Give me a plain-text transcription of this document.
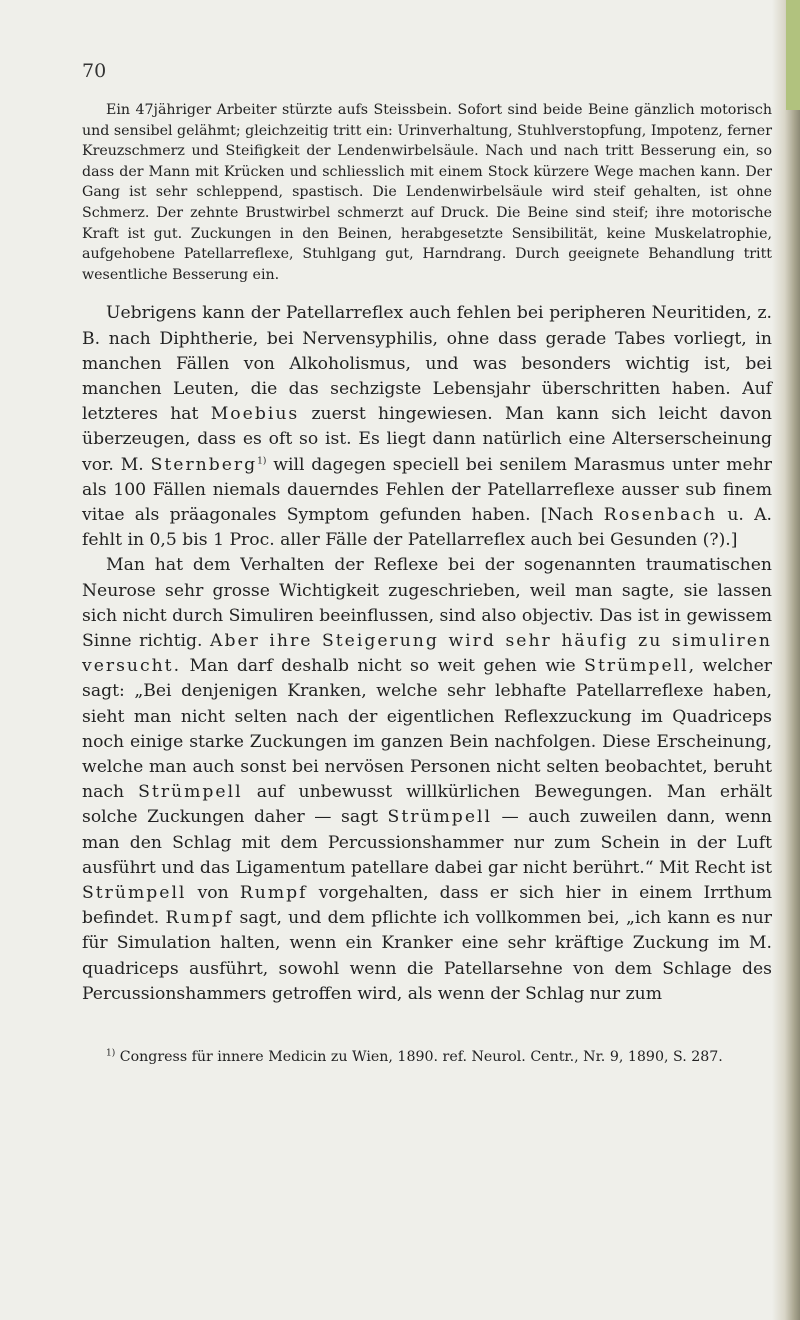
70

Ein 47jähriger Arbeiter stürzte aufs Steissbein. Sofort sind beide Beine gänzlich motorisch und sensibel gelähmt; gleichzeitig tritt ein: Urinverhaltung, Stuhlverstopfung, Impotenz, ferner Kreuzschmerz und Steifigkeit der Lendenwirbelsäule. Nach und nach tritt Besserung ein, so dass der Mann mit Krücken und schliesslich mit einem Stock kürzere Wege machen kann. Der Gang ist sehr schleppend, spastisch. Die Lendenwirbelsäule wird steif gehalten, ist ohne Schmerz. Der zehnte Brustwirbel schmerzt auf Druck. Die Beine sind steif; ihre motorische Kraft ist gut. Zuckungen in den Beinen, herabgesetzte Sensibilität, keine Muskelatrophie, aufgehobene Patellarreflexe, Stuhlgang gut, Harndrang. Durch geeignete Behandlung tritt wesentliche Besserung ein.

Uebrigens kann der Patellarreflex auch fehlen bei peripheren Neuritiden, z. B. nach Diphtherie, bei Nervensyphilis, ohne dass gerade Tabes vorliegt, in manchen Fällen von Alkoholismus, und was besonders wichtig ist, bei manchen Leuten, die das sechzigste Lebensjahr überschritten haben. Auf letzteres hat Moebius zuerst hingewiesen. Man kann sich leicht davon überzeugen, dass es oft so ist. Es liegt dann natürlich eine Alterserscheinung vor. M. Sternberg$^{1)}$ will dagegen speciell bei senilem Marasmus unter mehr als 100 Fällen niemals dauerndes Fehlen der Patellarreflexe ausser sub finem vitae als präagonales Symptom gefunden haben. [Nach Rosenbach u. A. fehlt in 0,5 bis 1 Proc. aller Fälle der Patellarreflex auch bei Gesunden (?).]

Man hat dem Verhalten der Reflexe bei der sogenannten traumatischen Neurose sehr grosse Wichtigkeit zugeschrieben, weil man sagte, sie lassen sich nicht durch Simuliren beeinflussen, sind also objectiv. Das ist in gewissem Sinne richtig. Aber ihre Steigerung wird sehr häufig zu simuliren versucht. Man darf deshalb nicht so weit gehen wie Strümpell, welcher sagt: „Bei denjenigen Kranken, welche sehr lebhafte Patellarreflexe haben, sieht man nicht selten nach der eigentlichen Reflexzuckung im Quadriceps noch einige starke Zuckungen im ganzen Bein nachfolgen. Diese Erscheinung, welche man auch sonst bei nervösen Personen nicht selten beobachtet, beruht nach Strümpell auf unbewusst willkürlichen Bewegungen. Man erhält solche Zuckungen daher — sagt Strümpell — auch zuweilen dann, wenn man den Schlag mit dem Percussionshammer nur zum Schein in der Luft ausführt und das Ligamentum patellare dabei gar nicht berührt.“ Mit Recht ist Strümpell von Rumpf vorgehalten, dass er sich hier in einem Irrthum befindet. Rumpf sagt, und dem pflichte ich vollkommen bei, „ich kann es nur für Simulation halten, wenn ein Kranker eine sehr kräftige Zuckung im M. quadriceps ausführt, sowohl wenn die Patellarsehne von dem Schlage des Percussionshammers getroffen wird, als wenn der Schlag nur zum

$^{1)}$ Congress für innere Medicin zu Wien, 1890. ref. Neurol. Centr., Nr. 9, 1890, S. 287.
